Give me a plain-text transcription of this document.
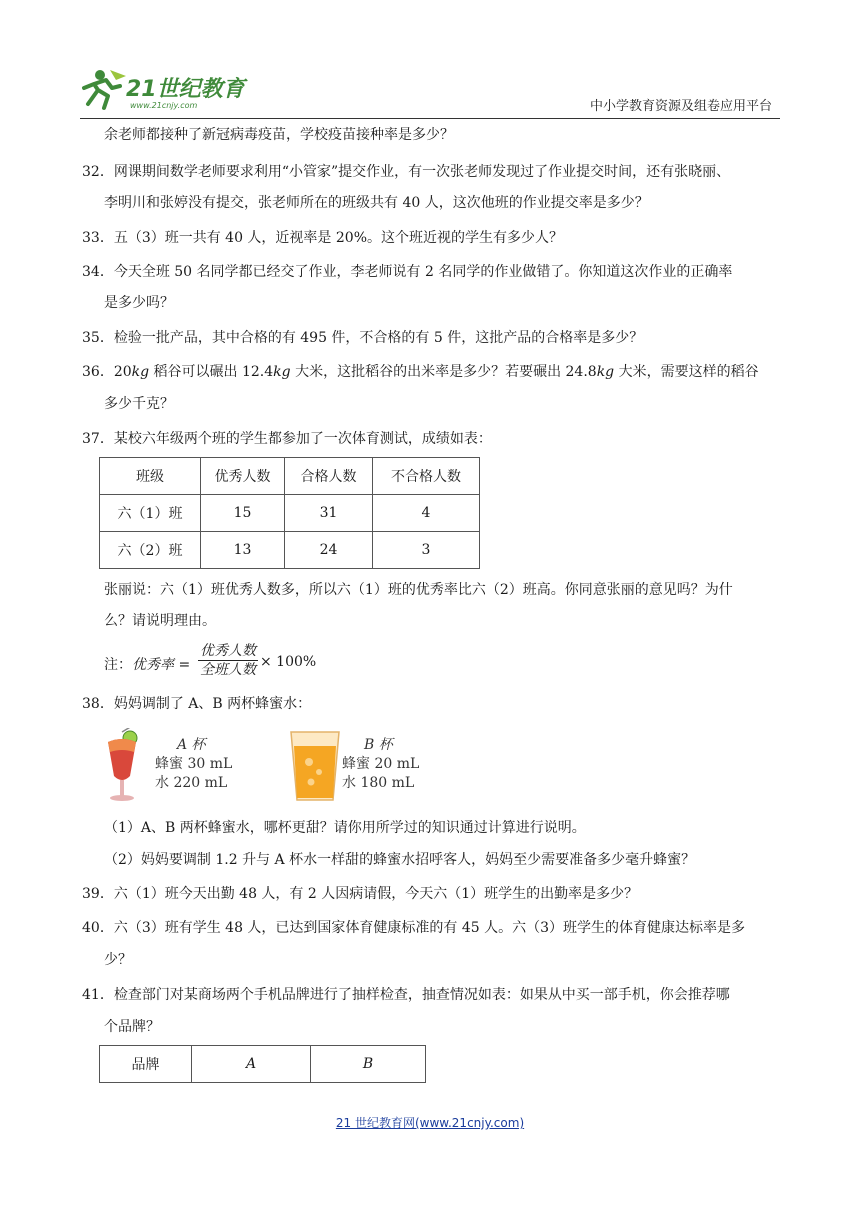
21世纪教育
www.21cnjy.com	中小学教育资源及组卷应用平台
余老师都接种了新冠病毒疫苗，学校疫苗接种率是多少？
32．网课期间数学老师要求利用“小管家”提交作业，有一次张老师发现过了作业提交时间，还有张晓丽、
李明川和张婷没有提交，张老师所在的班级共有 40 人，这次他班的作业提交率是多少？
33．五（3）班一共有 40 人，近视率是 20%。这个班近视的学生有多少人？
34．今天全班 50 名同学都已经交了作业，李老师说有 2 名同学的作业做错了。你知道这次作业的正确率
是多少吗？
35．检验一批产品，其中合格的有 495 件，不合格的有 5 件，这批产品的合格率是多少？
36．20kg 稻谷可以碾出 12.4kg 大米，这批稻谷的出米率是多少？若要碾出 24.8kg 大米，需要这样的稻谷
多少千克？
37．某校六年级两个班的学生都参加了一次体育测试，成绩如表：
班级	优秀人数	合格人数	不合格人数
六（1）班	15	31	4
六（2）班	13	24	3
张丽说：六（1）班优秀人数多，所以六（1）班的优秀率比六（2）班高。你同意张丽的意见吗？为什
么？请说明理由。
注： 优秀率 =
优秀人数
全班人数 × 100%
38．妈妈调制了 A、B 两杯蜂蜜水：
A 杯
蜂蜜 30 mL
水 220 mL
B 杯
蜂蜜 20 mL
水 180 mL
（1）A、B 两杯蜂蜜水，哪杯更甜？请你用所学过的知识通过计算进行说明。
（2）妈妈要调制 1.2 升与 A 杯水一样甜的蜂蜜水招呼客人，妈妈至少需要准备多少毫升蜂蜜？
39．六（1）班今天出勤 48 人，有 2 人因病请假，今天六（1）班学生的出勤率是多少？
40．六（3）班有学生 48 人，已达到国家体育健康标准的有 45 人。六（3）班学生的体育健康达标率是多
少？
41．检查部门对某商场两个手机品牌进行了抽样检查，抽查情况如表：如果从中买一部手机，你会推荐哪
个品牌？
品牌	A	B
21 世纪教育网(www.21cnjy.com)
